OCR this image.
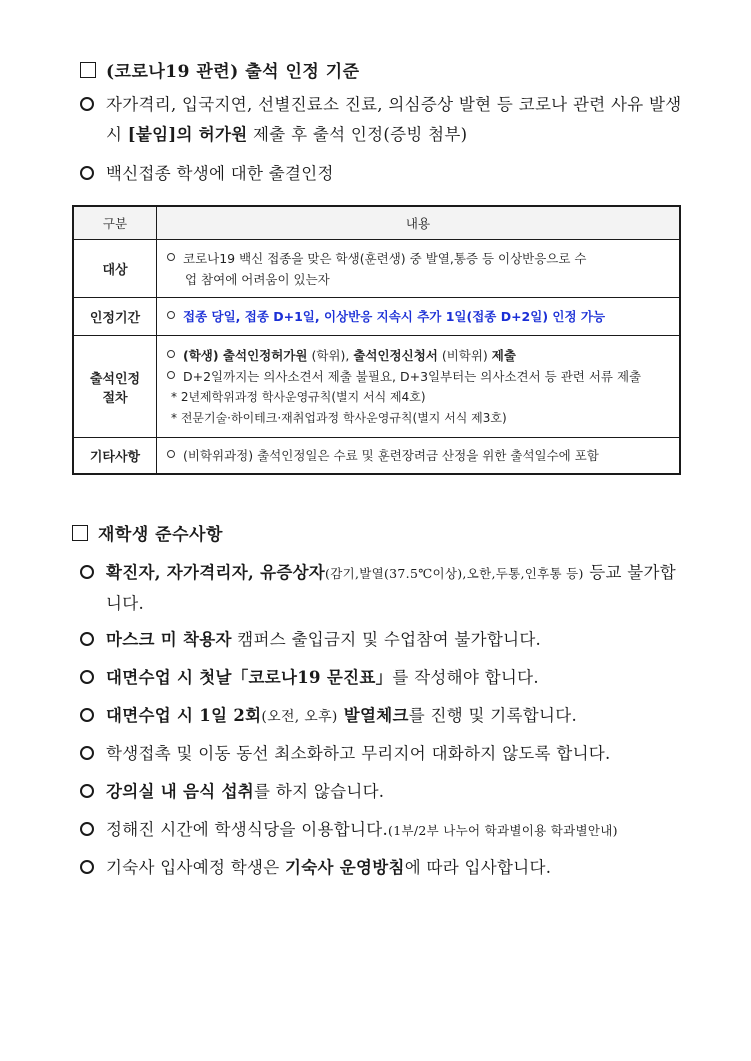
(코로나19 관련) 출석 인정 기준
자가격리, 입국지연, 선별진료소 진료, 의심증상 발현 등 코로나 관련 사유 발생 시 [붙임]의 허가원 제출 후 출석 인정(증빙 첨부)
백신접종 학생에 대한 출결인정
구분	내용
대상	코로나19 백신 접종을 맞은 학생(훈련생) 중 발열,통증 등 이상반응으로 수
업 참여에 어려움이 있는자

인정기간	접종 당일, 접종 D+1일, 이상반응 지속시 추가 1일(접종 D+2일) 인정 가능

출석인정
절차	(학생) 출석인정허가원 (학위), 출석인정신청서 (비학위) 제출
D+2일까지는 의사소견서 제출 불필요, D+3일부터는 의사소견서 등 관련 서류 제출
* 2년제학위과정 학사운영규칙(별지 서식 제4호)
* 전문기술·하이테크·재취업과정 학사운영규칙(별지 서식 제3호)

기타사항	(비학위과정) 출석인정일은 수료 및 훈련장려금 산정을 위한 출석일수에 포함
재학생 준수사항
확진자, 자가격리자, 유증상자(감기,발열(37.5℃이상),오한,두통,인후통 등) 등교 불가합니다.
마스크 미 착용자 캠퍼스 출입금지 및 수업참여 불가합니다.
대면수업 시 첫날「코로나19 문진표」를 작성해야 합니다.
대면수업 시 1일 2회(오전, 오후) 발열체크를 진행 및 기록합니다.
학생접촉 및 이동 동선 최소화하고 무리지어 대화하지 않도록 합니다.
강의실 내 음식 섭취를 하지 않습니다.
정해진 시간에 학생식당을 이용합니다.(1부/2부 나누어 학과별이용 학과별안내)
기숙사 입사예정 학생은 기숙사 운영방침에 따라 입사합니다.
